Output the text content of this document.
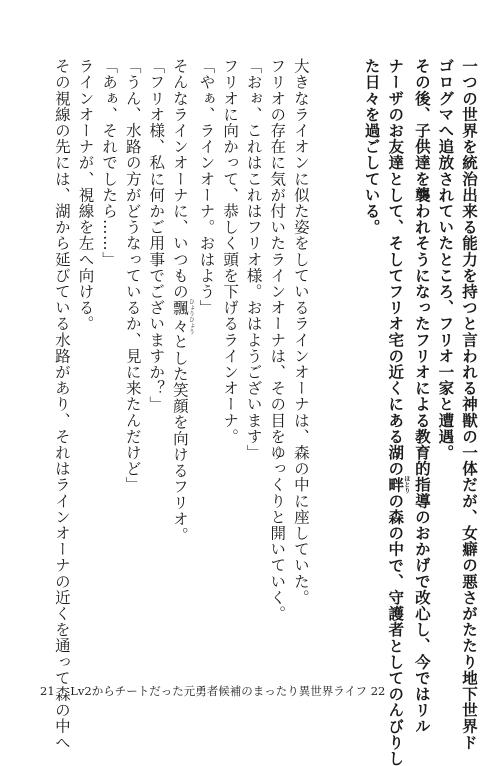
一つの世界を統治出来る能力を持つと言われる神獣の一体だが、女癖の悪さがたたり地下世界ド
ゴログマへ追放されていたところ、フリオ一家と遭遇。
その後、子供達を襲われそうになったフリオによる教育的指導のおかげで改心し、今ではリル
ナーザのお友達として、そしてフリオ宅の近くにある湖の畔ほとりの森の中で、守護者としてのんびりし
た日々を過ごしている。
大きなライオンに似た姿をしているラインオーナは、森の中に座していた。
フリオの存在に気が付いたラインオーナは、その目をゆっくりと開いていく。
「おぉ、これはこれはフリオ様。おはようございます」
フリオに向かって、恭しく頭を下げるラインオーナ。
「やぁ、ラインオーナ。おはよう」
そんなラインオーナに、いつもの飄々ひょうひょうとした笑顔を向けるフリオ。
「フリオ様、私に何かご用事でございますか？」
「うん、水路の方がどうなっているか、見に来たんだけど」
「あぁ、それでしたら……」
ラインオーナが、視線を左へ向ける。
その視線の先には、湖から延びている水路があり、それはラインオーナの近くを通って森の中へ
21 Lv2からチートだった元勇者候補のまったり異世界ライフ 22
